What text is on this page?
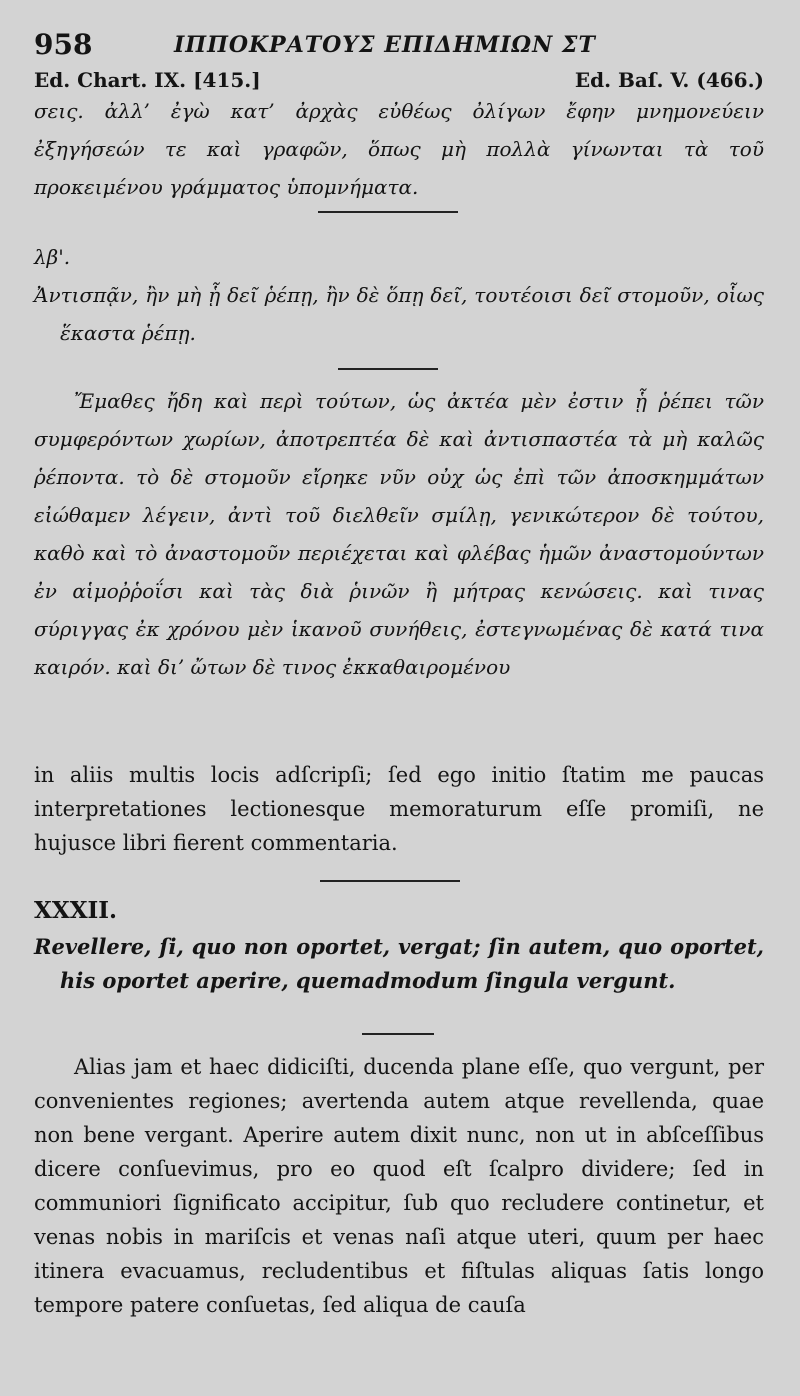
958	ΙΠΠΟΚΡΑΤΟΥΣ ΕΠΙΔΗΜΙΩΝ ΣΤ
Ed. Chart. IX. [415.]	Ed. Baſ. V. (466.)

σεις. ἀλλ’ ἐγὼ κατ’ ἀρχὰς εὐθέως ὀλίγων ἔφην μνημονεύειν ἐξηγήσεών τε καὶ γραφῶν, ὅπως μὴ πολλὰ γίνωνται τὰ τοῦ προκειμένου γράμματος ὑπομνήματα.

λβ'.

Ἀντισπᾷν, ἢν μὴ ᾗ δεῖ ῥέπῃ, ἢν δὲ ὅπῃ δεῖ, τουτέοισι δεῖ στομοῦν, οἷως ἕκαστα ῥέπῃ.

Ἔμαθες ἤδη καὶ περὶ τούτων, ὡς ἀκτέα μὲν ἐστιν ᾗ ῥέπει τῶν συμφερόντων χωρίων, ἀποτρεπτέα δὲ καὶ ἀντισπαστέα τὰ μὴ καλῶς ῥέποντα. τὸ δὲ στομοῦν εἴρηκε νῦν οὐχ ὡς ἐπὶ τῶν ἀποσκημμάτων εἰώθαμεν λέγειν, ἀντὶ τοῦ διελθεῖν σμίλῃ, γενικώτερον δὲ τούτου, καθὸ καὶ τὸ ἀναστομοῦν περιέχεται καὶ φλέβας ἡμῶν ἀναστομούντων ἐν αἱμοῤῥοΐσι καὶ τὰς διὰ ῥινῶν ἢ μήτρας κενώσεις. καὶ τινας σύριγγας ἐκ χρόνου μὲν ἱκανοῦ συνήθεις, ἐστεγνωμένας δὲ κατά τινα καιρόν. καὶ δι’ ὤτων δὲ τινος ἐκκαθαιρομένου

in aliis multis locis adſcripſi; ſed ego initio ſtatim me paucas interpretationes lectionesque memoraturum eſſe promiſi, ne hujusce libri fierent commentaria.

XXXII.

Revellere, ſi, quo non oportet, vergat; ſin autem, quo oportet, his oportet aperire, quemadmodum ſingula vergunt.

Alias jam et haec didiciſti, ducenda plane eſſe, quo vergunt, per convenientes regiones; avertenda autem atque revellenda, quae non bene vergant. Aperire autem dixit nunc, non ut in abſceſſibus dicere conſuevimus, pro eo quod eſt ſcalpro dividere; ſed in communiori ſignificato accipitur, ſub quo recludere continetur, et venas nobis in mariſcis et venas naſi atque uteri, quum per haec itinera evacuamus, recludentibus et fiſtulas aliquas ſatis longo tempore patere conſuetas, ſed aliqua de cauſa
